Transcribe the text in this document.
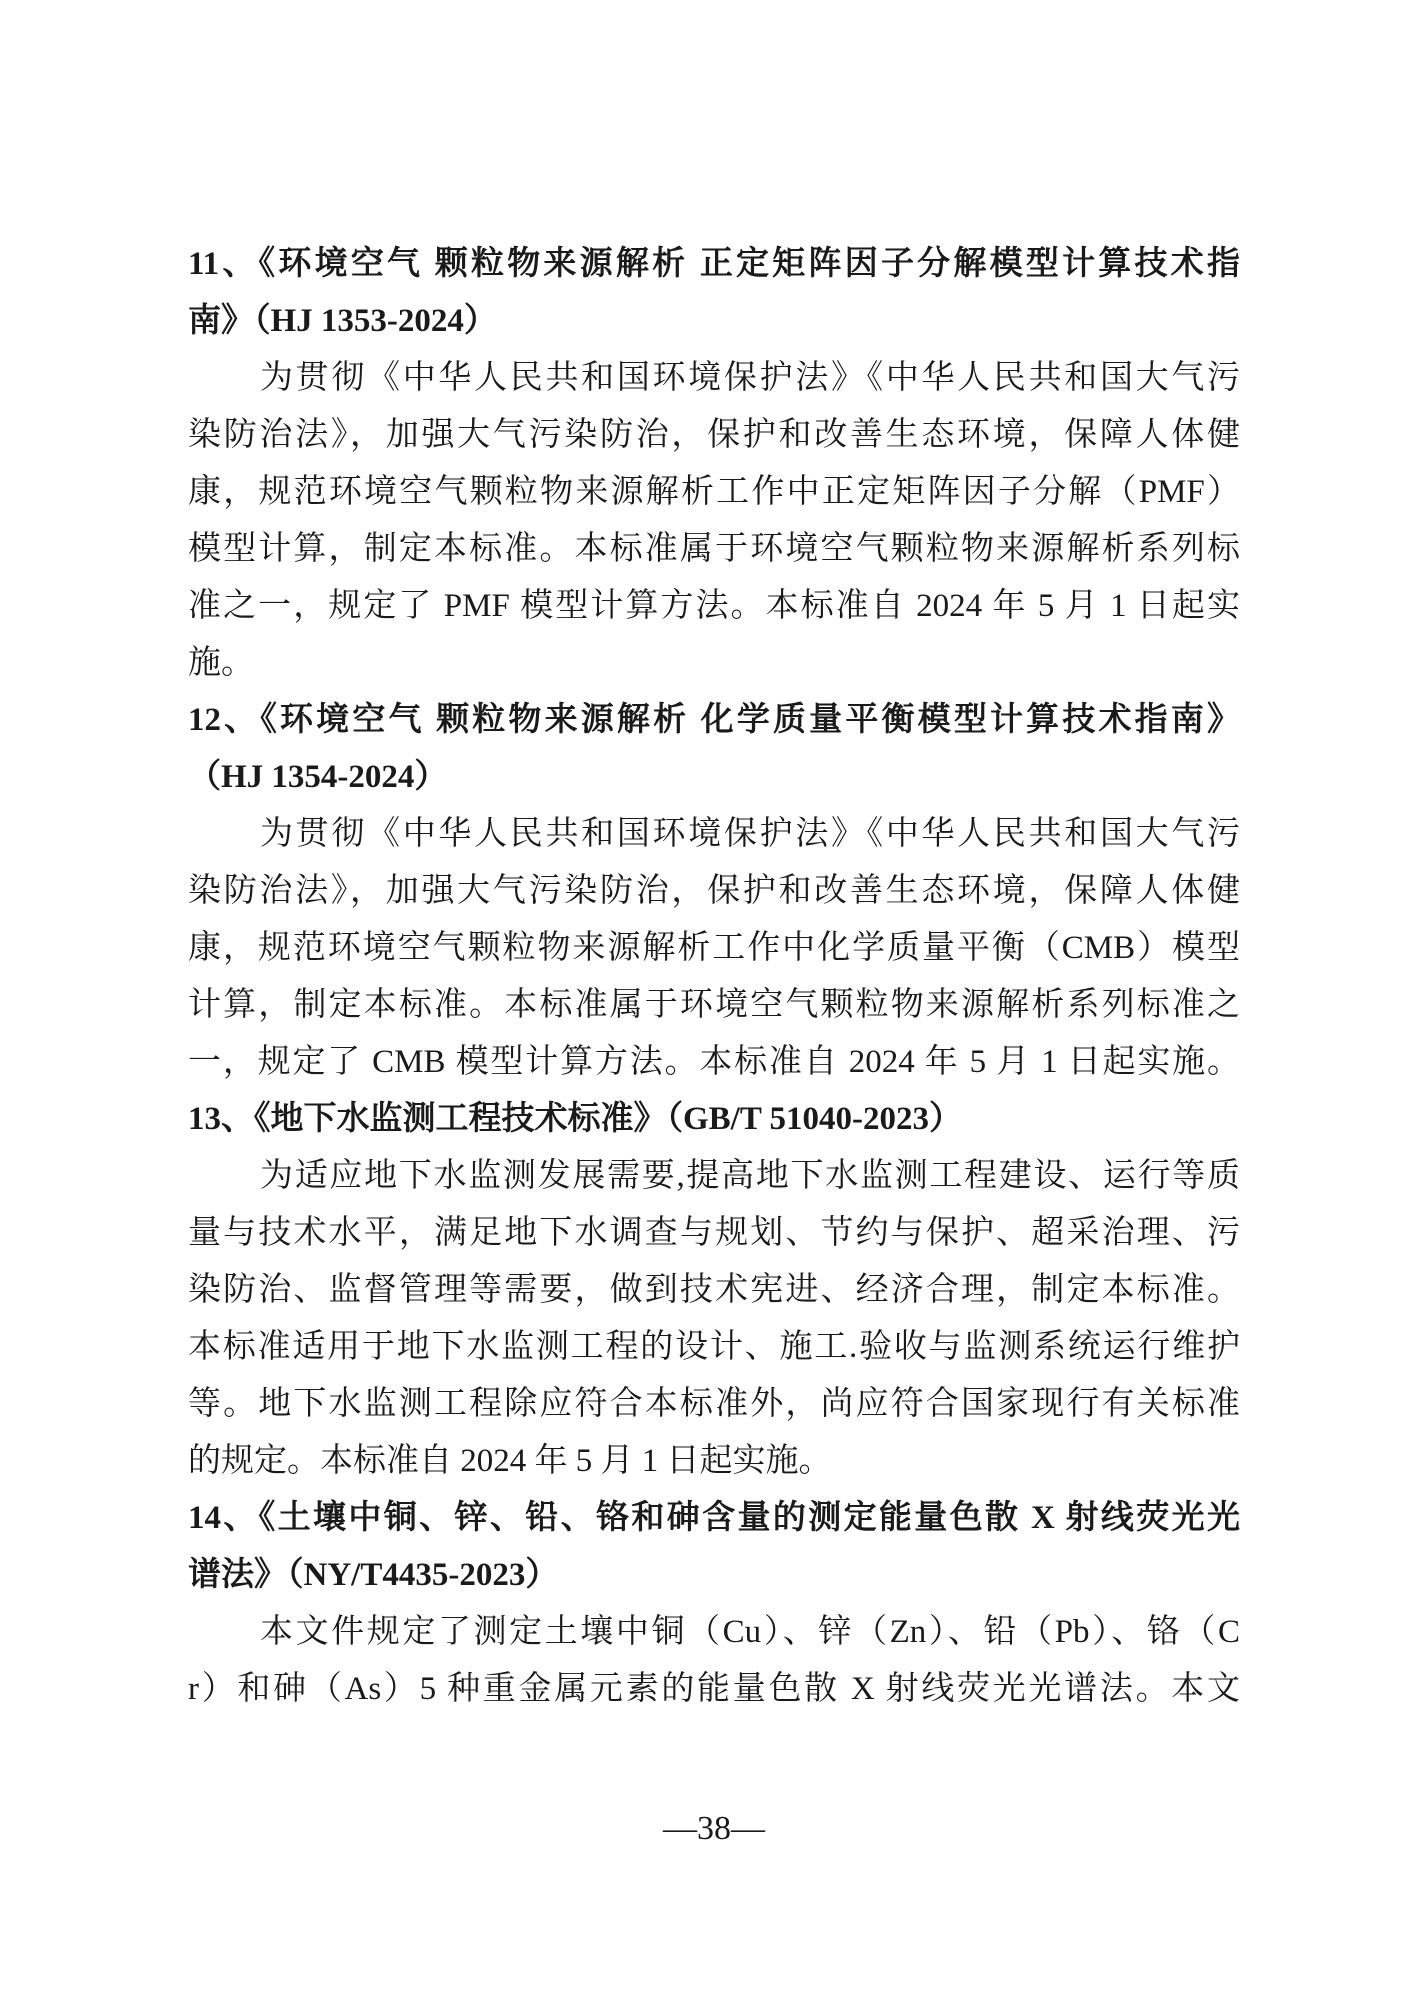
11、《环境空气 颗粒物来源解析 正定矩阵因子分解模型计算技术指
南》（HJ 1353-2024）
为贯彻《中华人民共和国环境保护法》《中华人民共和国大气污
染防治法》，加强大气污染防治，保护和改善生态环境，保障人体健
康，规范环境空气颗粒物来源解析工作中正定矩阵因子分解（PMF）
模型计算，制定本标准。本标准属于环境空气颗粒物来源解析系列标
准之一，规定了 PMF 模型计算方法。本标准自 2024 年 5 月 1 日起实
施。
12、《环境空气 颗粒物来源解析 化学质量平衡模型计算技术指南》
（HJ 1354-2024）
为贯彻《中华人民共和国环境保护法》《中华人民共和国大气污
染防治法》，加强大气污染防治，保护和改善生态环境，保障人体健
康，规范环境空气颗粒物来源解析工作中化学质量平衡（CMB）模型
计算，制定本标准。本标准属于环境空气颗粒物来源解析系列标准之
一，规定了 CMB 模型计算方法。本标准自 2024 年 5 月 1 日起实施。
13、《地下水监测工程技术标准》（GB/T 51040-2023）
为适应地下水监测发展需要,提高地下水监测工程建设、运行等质
量与技术水平，满足地下水调查与规划、节约与保护、超采治理、污
染防治、监督管理等需要，做到技术宪进、经济合理，制定本标准。
本标准适用于地下水监测工程的设计、施工.验收与监测系统运行维护
等。地下水监测工程除应符合本标准外，尚应符合国家现行有关标准
的规定。本标准自 2024 年 5 月 1 日起实施。
14、《土壤中铜、锌、铅、铬和砷含量的测定能量色散 X 射线荧光光
谱法》（NY/T4435-2023）
本文件规定了测定土壤中铜（Cu）、锌（Zn）、铅（Pb）、铬（C
r）和砷（As）5 种重金属元素的能量色散 X 射线荧光光谱法。本文
—38—
